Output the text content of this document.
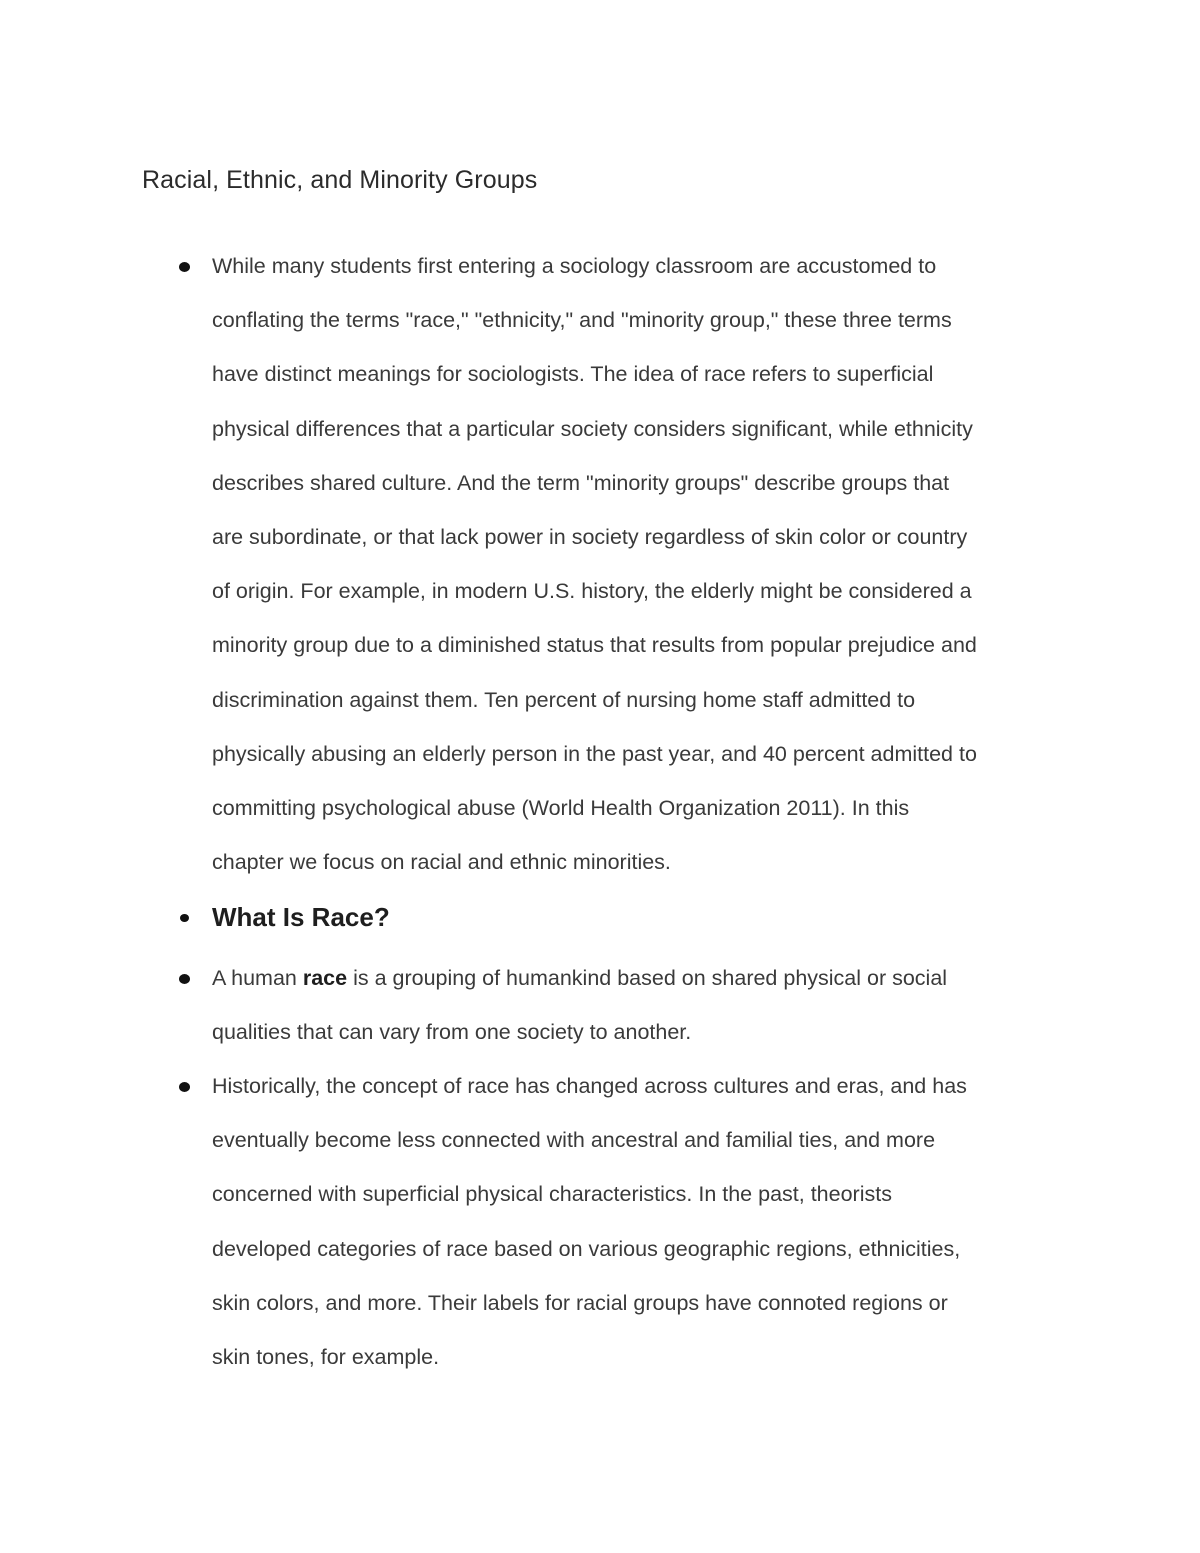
Racial, Ethnic, and Minority Groups

While many students first entering a sociology classroom are accustomed to
conflating the terms "race," "ethnicity," and "minority group," these three terms
have distinct meanings for sociologists. The idea of race refers to superficial
physical differences that a particular society considers significant, while ethnicity
describes shared culture. And the term "minority groups" describe groups that
are subordinate, or that lack power in society regardless of skin color or country
of origin. For example, in modern U.S. history, the elderly might be considered a
minority group due to a diminished status that results from popular prejudice and
discrimination against them. Ten percent of nursing home staff admitted to
physically abusing an elderly person in the past year, and 40 percent admitted to
committing psychological abuse (World Health Organization 2011). In this
chapter we focus on racial and ethnic minorities.

What Is Race?

A human race is a grouping of humankind based on shared physical or social
qualities that can vary from one society to another.

Historically, the concept of race has changed across cultures and eras, and has
eventually become less connected with ancestral and familial ties, and more
concerned with superficial physical characteristics. In the past, theorists
developed categories of race based on various geographic regions, ethnicities,
skin colors, and more. Their labels for racial groups have connoted regions or
skin tones, for example.
